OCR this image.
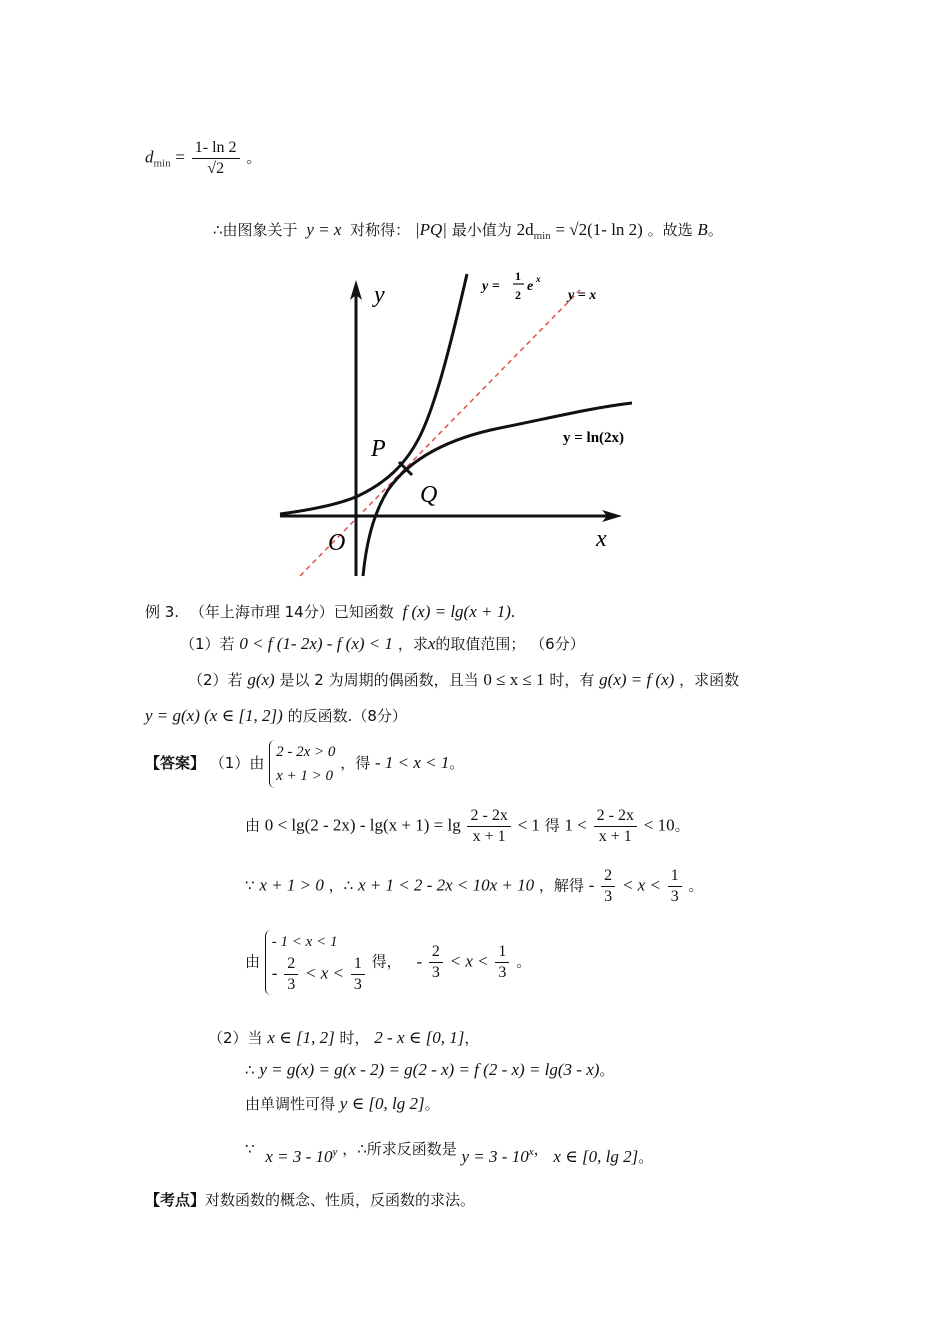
$d_{min} = \frac{1- \ln 2}{√2}$ 。
∴由图象关于 y = x 对称得： |PQ| 最小值为 $2d_{min} = √2(1-$ ln 2) 。故选 B。
y
x
O
P
Q
y =
1
2
e x
y = x
y = ln(2x)
例 3. （年上海市理 14分）已知函数 f (x) = lg(x + 1).
（1）若 0 < f (1- 2x) - f (x) < 1 ，求x的取值范围； （6分）
（2）若 g(x) 是以 2 为周期的偶函数，且当 0 ≤ x ≤ 1 时，有 g(x) = f (x) ，求函数
y = g(x) (x ∈ [1, 2]) 的反函数.（8分）
【答案】 （1）由
2 - 2x > 0
x + 1 > 0
，得 - 1 < x < 1。
由 $0 < \lg(2 - 2x) - \lg(x + 1) = \lg \frac{2 - 2x}{x + 1} < 1$ 得 $1 < \frac{2 - 2x}{x + 1} < 10$。
∵ x + 1 > 0 ，∴ x + 1 < 2 - 2x < 10x + 10 ，解得 - $\frac{2}{3} < x < \frac{1}{3}$ 。
由
- 1 < x < 1
- $\frac{2}{3} < x < \frac{1}{3}$ 得， - $\frac{2}{3} < x < \frac{1}{3}$ 。
（2）当 x ∈ [1, 2] 时， 2 - x ∈ [0, 1]，
∴ y = g(x) = g(x - 2) = g(2 - x) = f (2 - x) = lg(3 - x)。
由单调性可得 y ∈ [0, lg 2]。
∵ x = 3 - 10$^y$ ，∴所求反函数是 y = 3 - 10$^x$， x ∈ [0, lg 2]。
【考点】对数函数的概念、性质，反函数的求法。
